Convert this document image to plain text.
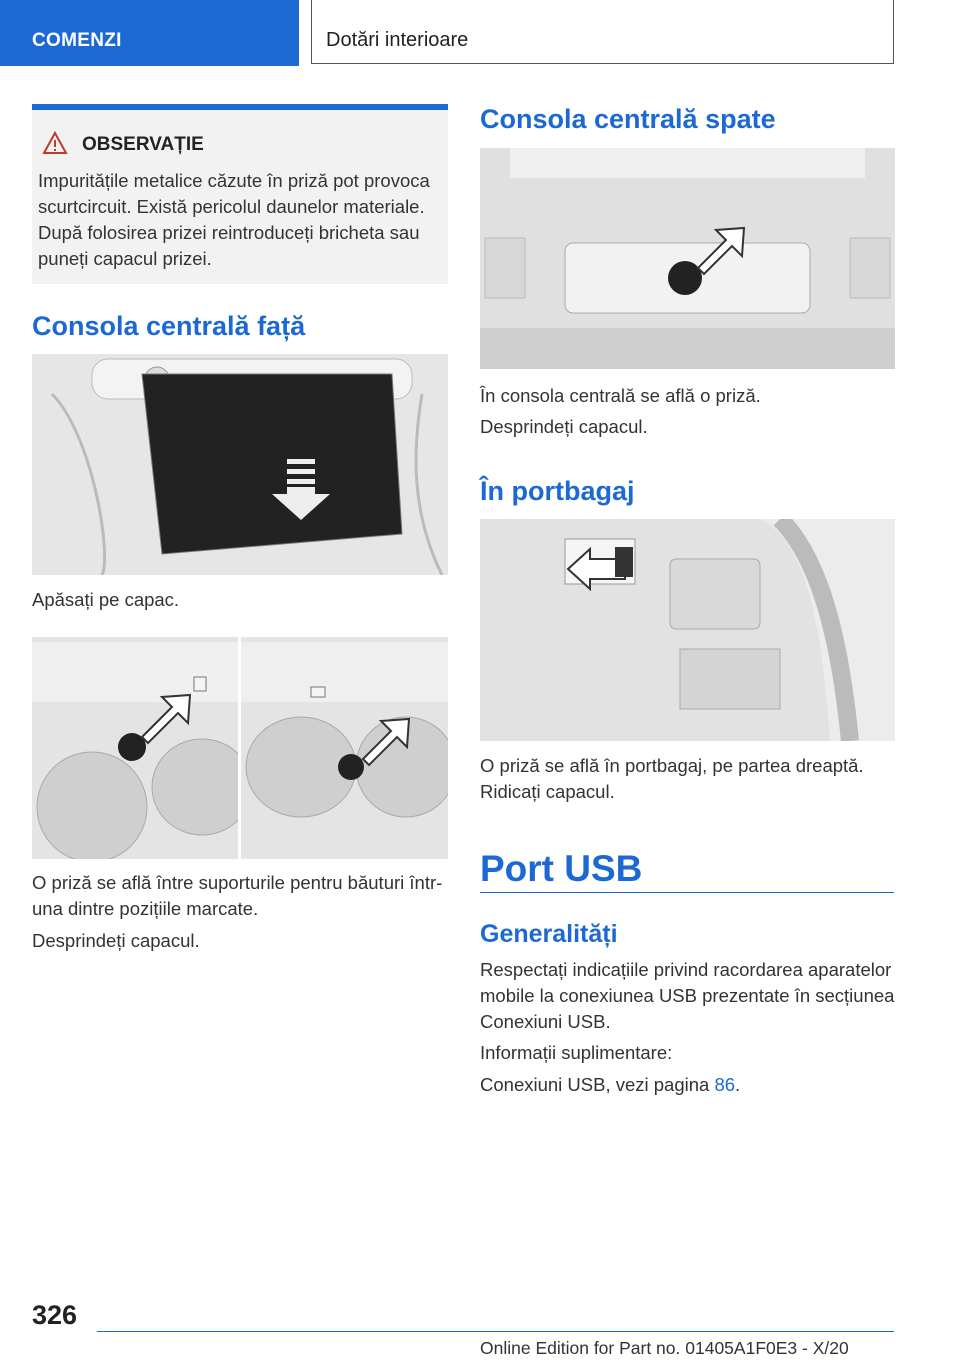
COMENZI	Dotări interioare
OBSERVAȚIE
Impuritățile metalice căzute în priză pot provoca scurtcircuit. Există pericolul daunelor materiale. După folosirea prizei reintroduceți bricheta sau puneți capacul prizei.
Consola centrală față

Apăsați pe capac.

O priză se află între suporturile pentru băuturi într-una dintre pozițiile marcate.

Desprindeți capacul.

Consola centrală spate

În consola centrală se află o priză.

Desprindeți capacul.

În portbagaj

O priză se află în portbagaj, pe partea dreaptă. Ridicați capacul.

Port USB
Generalități

Respectați indicațiile privind racordarea aparatelor mobile la conexiunea USB prezentate în secțiunea Conexiuni USB.

Informații suplimentare:

Conexiuni USB, vezi pagina 86.

326
Online Edition for Part no. 01405A1F0E3 - X/20
